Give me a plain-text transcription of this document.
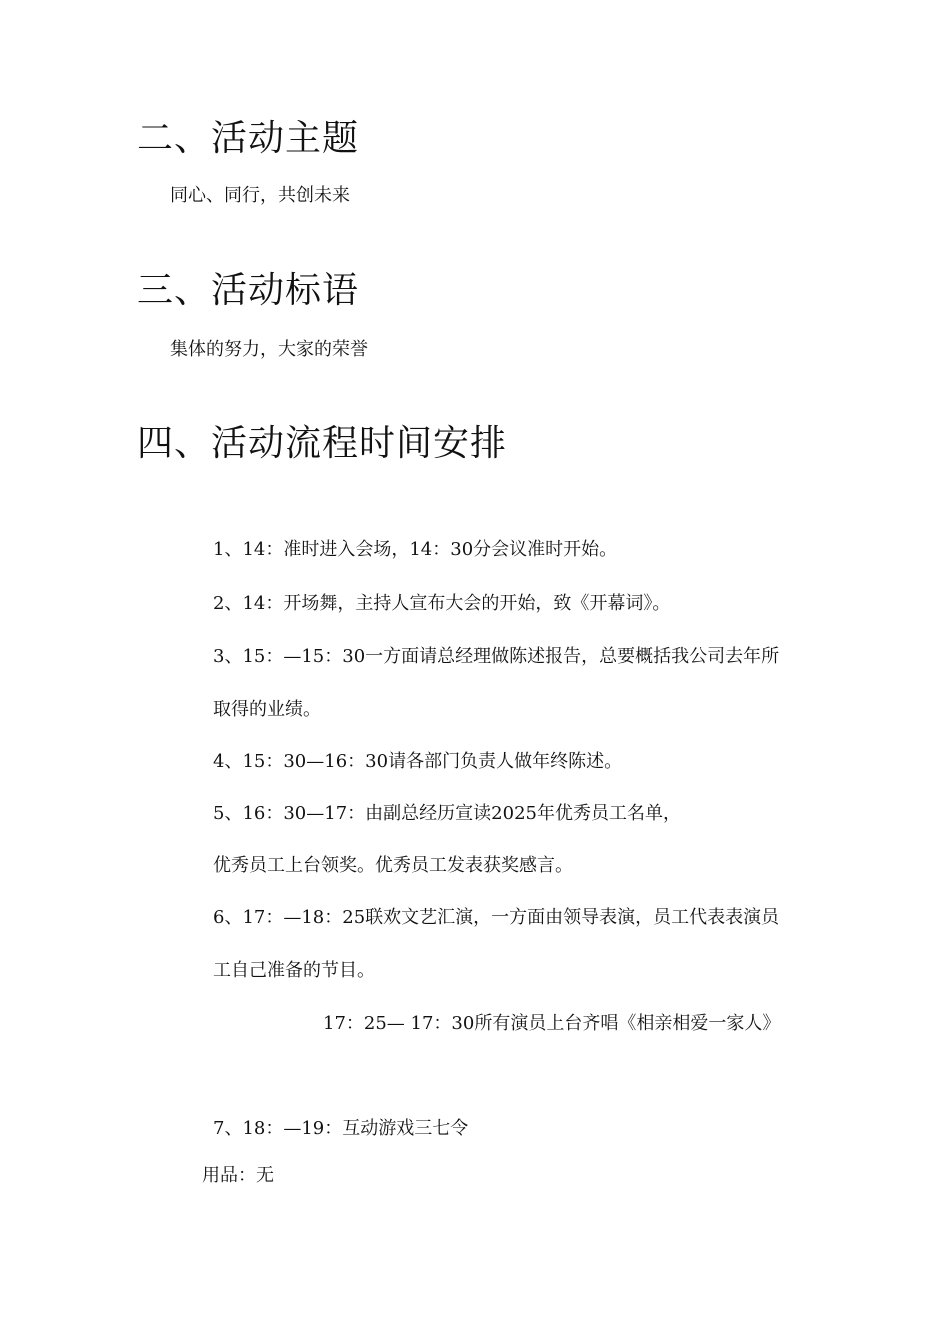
二、活动主题

同心、同行，共创未来

三、活动标语

集体的努力，大家的荣誉

四、活动流程时间安排

1、14：准时进入会场，14：30分会议准时开始。

2、14：开场舞，主持人宣布大会的开始，致《开幕词》。

3、15：—15：30一方面请总经理做陈述报告，总要概括我公司去年所

取得的业绩。

4、15：30—16：30请各部门负责人做年终陈述。

5、16：30—17：由副总经历宣读2025年优秀员工名单，

优秀员工上台领奖。优秀员工发表获奖感言。

6、17：—18：25联欢文艺汇演，一方面由领导表演，员工代表表演员

工自己准备的节目。

17：25— 17：30所有演员上台齐唱《相亲相爱一家人》

7、18：—19：互动游戏三七令

用品：无
